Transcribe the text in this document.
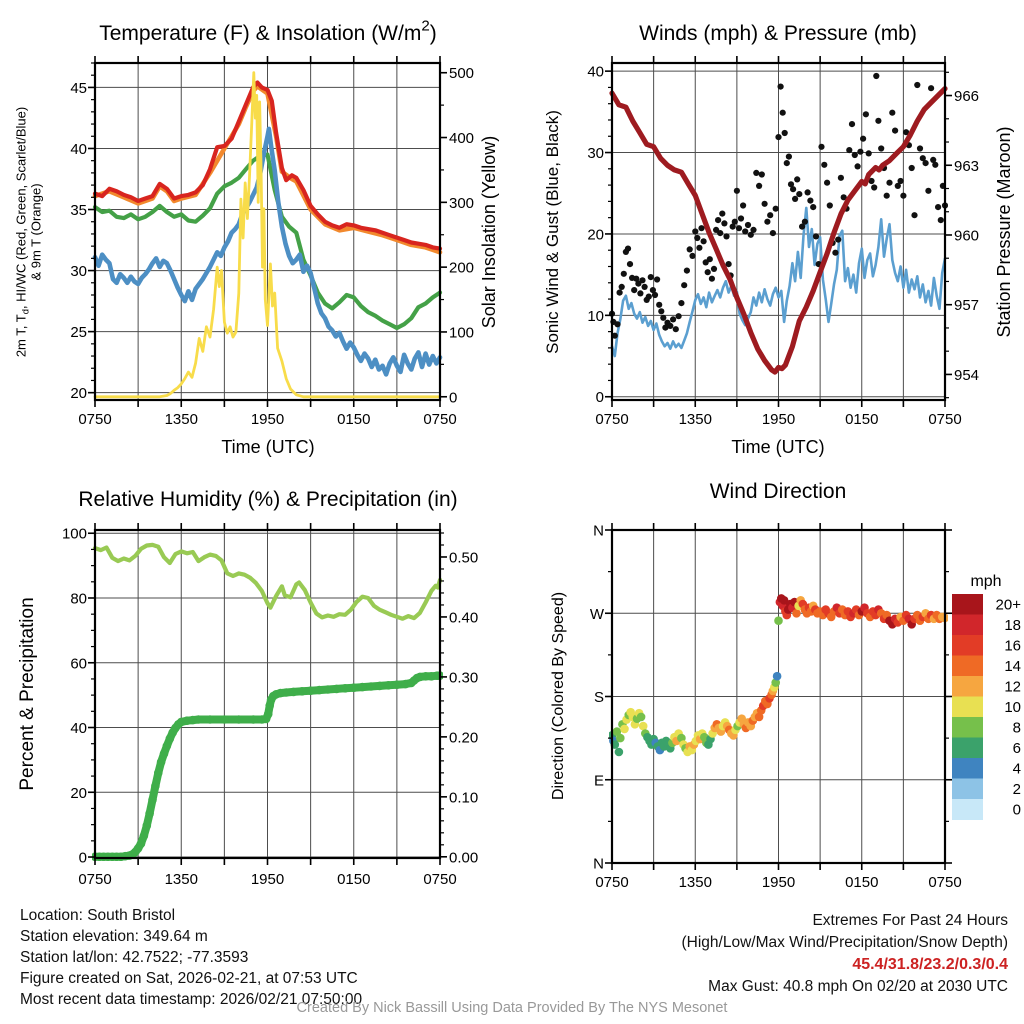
0750	1350	1950	0150	0750
Time (UTC)
20
25
30
35
40
45
0
100
200
300
400
500
2m T, $T_d$, HI/WC (Red, Green, Scarlet/Blue)& 9m T (Orange)	Solar Insolation (Yellow)
Temperature (F) & Insolation $(W/m^2)$
0750	1350	1950	0150	0750
Time (UTC)
0
10
20
30
40
954
957
960
963
966
Sonic Wind & Gust (Blue, Black)	Station Pressure (Maroon)
Winds (mph) & Pressure (mb)
0750	1350	1950	0150	0750
0
20
40
60
80
100
0.00
0.10
0.20
0.30
0.40
0.50
Percent & Precipitation
Relative Humidity (%) & Precipitation (in)
0750	1350	1950	0150	0750
N
E
S
W
N
Direction (Colored By Speed)
Wind Direction
mph
20+
18
16
14
12
10
8
6
4
2
0
Location: South Bristol
Station elevation: 349.64 m
Station lat/lon: 42.7522; -77.3593
Figure created on Sat, 2026-02-21, at 07:53 UTC
Most recent data timestamp: 2026/02/21 07:50:00
Extremes For Past 24 Hours
(High/Low/Max Wind/Precipitation/Snow Depth)
45.4/31.8/23.2/0.3/0.4
Max Gust: 40.8 mph On 02/20 at 2030 UTC
Created By Nick Bassill Using Data Provided By The NYS Mesonet
